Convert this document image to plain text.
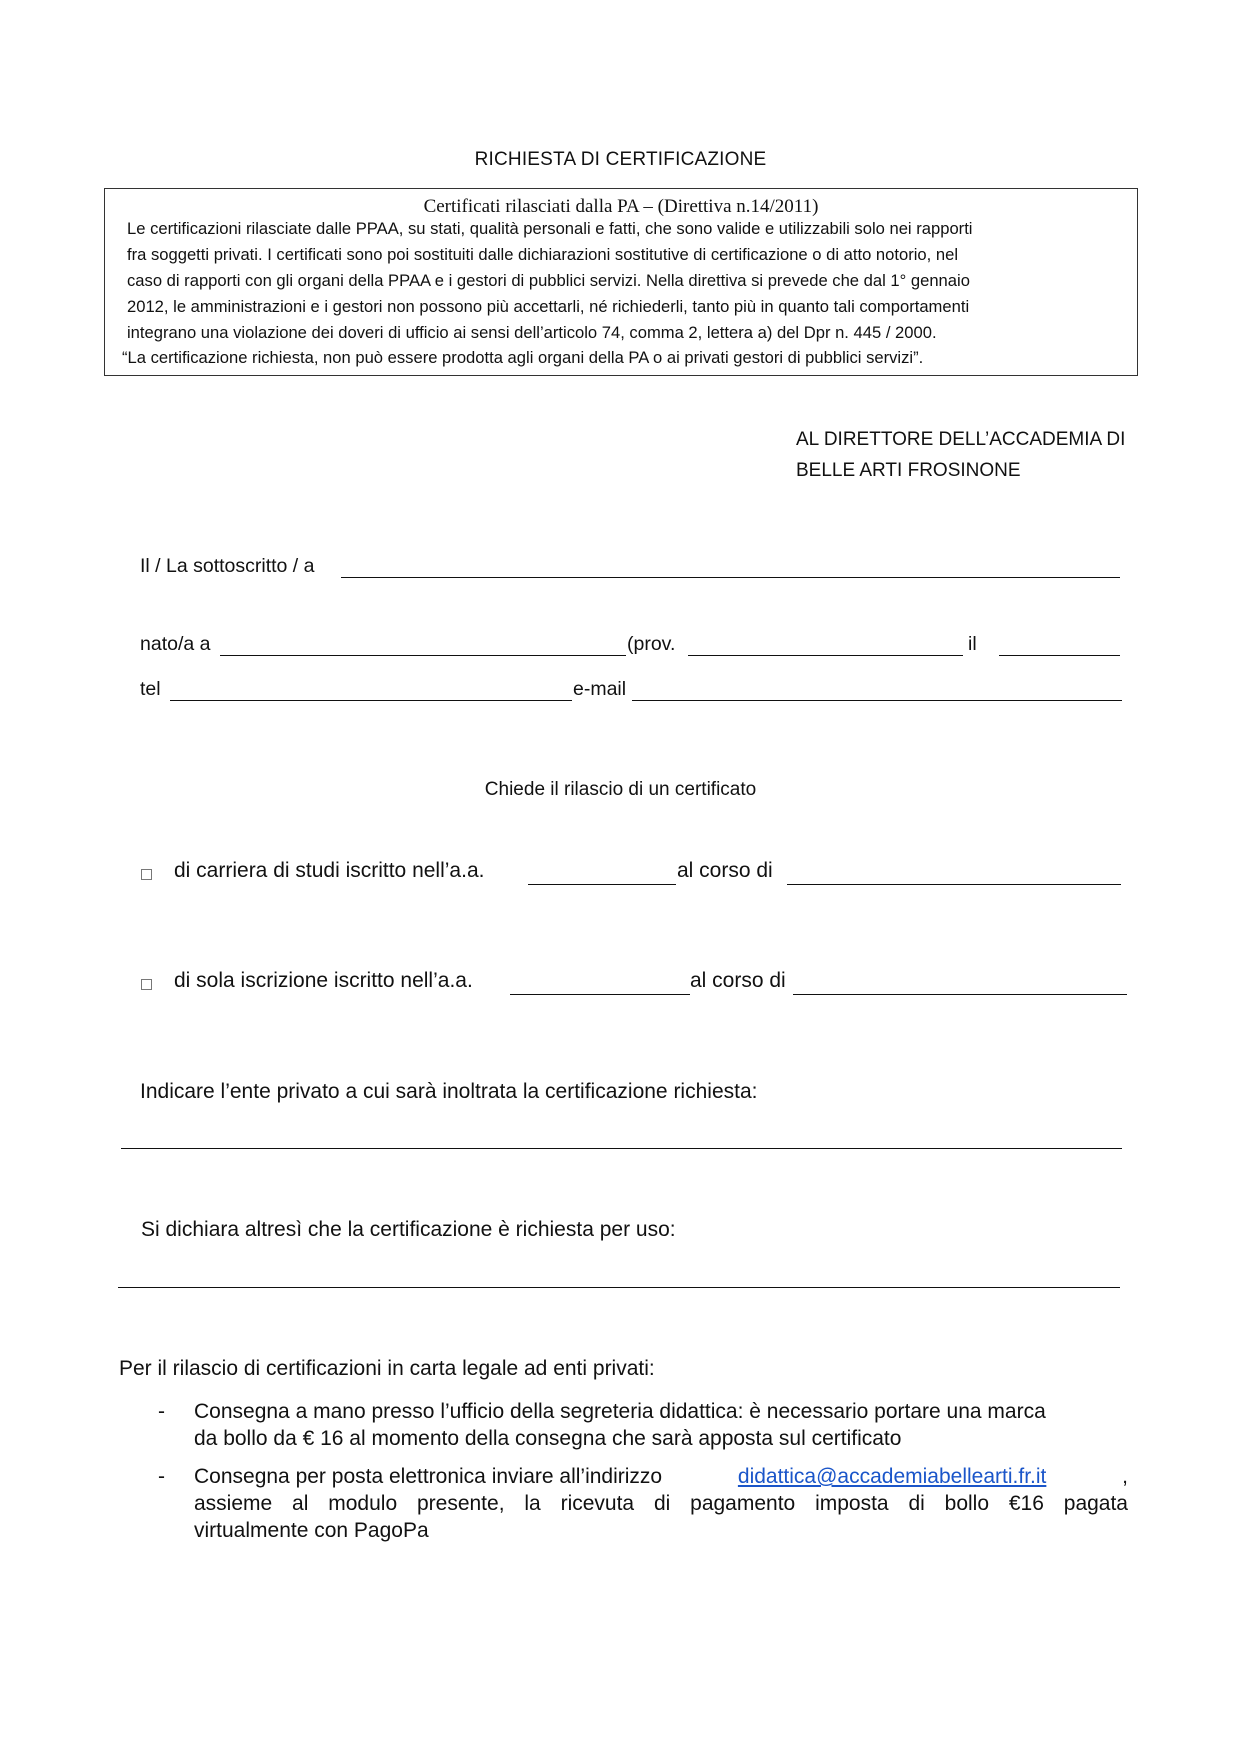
RICHIESTA DI CERTIFICAZIONE
Certificati rilasciati dalla PA – (Direttiva n.14/2011)
Le certificazioni rilasciate dalle PPAA, su stati, qualità personali e fatti, che sono valide e utilizzabili solo nei rapporti
fra soggetti privati. I certificati sono poi sostituiti dalle dichiarazioni sostitutive di certificazione o di atto notorio, nel
caso di rapporti con gli organi della PPAA e i gestori di pubblici servizi. Nella direttiva si prevede che dal 1° gennaio
2012, le amministrazioni e i gestori non possono più accettarli, né richiederli, tanto più in quanto tali comportamenti
integrano una violazione dei doveri di ufficio ai sensi dell’articolo 74, comma 2, lettera a) del Dpr n. 445 / 2000.
“La certificazione richiesta, non può essere prodotta agli organi della PA o ai privati gestori di pubblici servizi”.
AL DIRETTORE DELL’ACCADEMIA DI
BELLE ARTI FROSINONE
Il / La sottoscritto / a
nato/a a	(prov.	il
tel	e-mail
Chiede il rilascio di un certificato
di carriera di studi iscritto nell’a.a.	al corso di
di sola iscrizione iscritto nell’a.a.	al corso di
Indicare l’ente privato a cui sarà inoltrata la certificazione richiesta:
Si dichiara altresì che la certificazione è richiesta per uso:
Per il rilascio di certificazioni in carta legale ad enti privati:
- Consegna a mano presso l’ufficio della segreteria didattica: è necessario portare una marca
da bollo da € 16 al momento della consegna che sarà apposta sul certificato
- Consegna per posta elettronica inviare all’indirizzo	didattica@accademiabellearti.fr.it	,
assieme al modulo presente, la ricevuta di pagamento imposta di bollo €16 pagata
virtualmente con PagoPa
